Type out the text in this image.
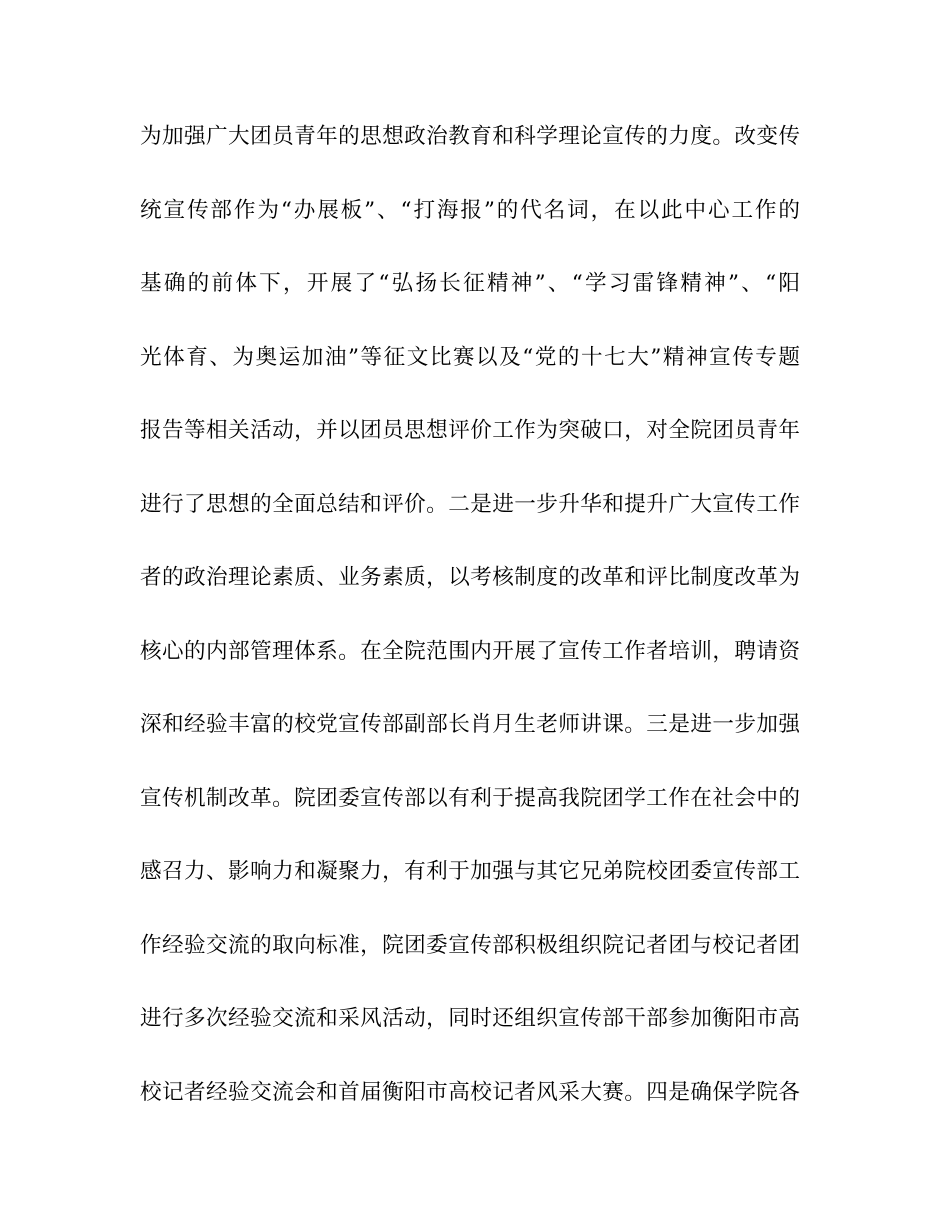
为加强广大团员青年的思想政治教育和科学理论宣传的力度。改变传
统宣传部作为“办展板”、“打海报”的代名词，在以此中心工作的
基确的前体下，开展了“弘扬长征精神”、“学习雷锋精神”、“阳
光体育、为奥运加油”等征文比赛以及“党的十七大”精神宣传专题
报告等相关活动，并以团员思想评价工作为突破口，对全院团员青年
进行了思想的全面总结和评价。二是进一步升华和提升广大宣传工作
者的政治理论素质、业务素质，以考核制度的改革和评比制度改革为
核心的内部管理体系。在全院范围内开展了宣传工作者培训，聘请资
深和经验丰富的校党宣传部副部长肖月生老师讲课。三是进一步加强
宣传机制改革。院团委宣传部以有利于提高我院团学工作在社会中的
感召力、影响力和凝聚力，有利于加强与其它兄弟院校团委宣传部工
作经验交流的取向标准，院团委宣传部积极组织院记者团与校记者团
进行多次经验交流和采风活动，同时还组织宣传部干部参加衡阳市高
校记者经验交流会和首届衡阳市高校记者风采大赛。四是确保学院各
